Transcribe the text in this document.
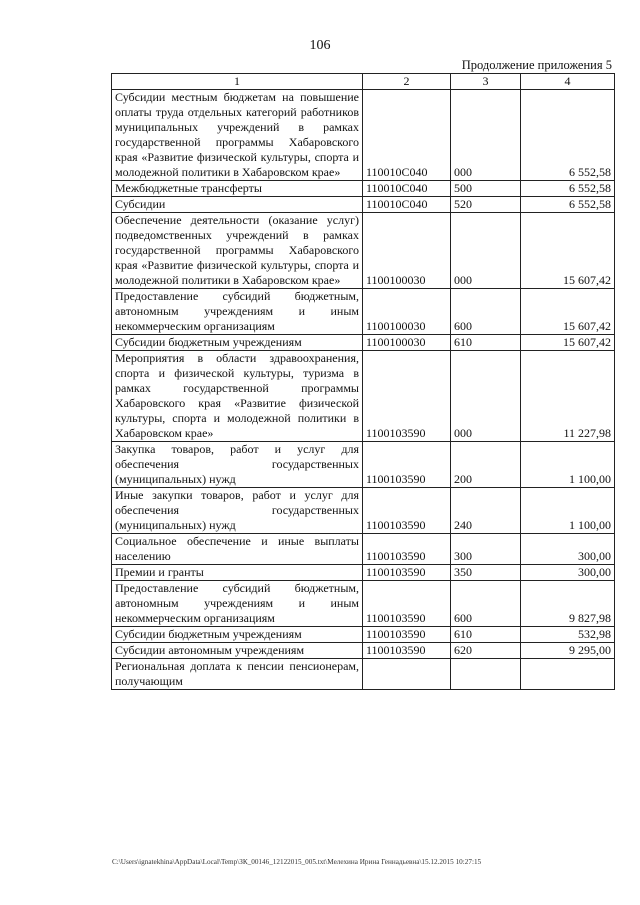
106
Продолжение приложения 5
1	2	3	4
Субсидии местным бюджетам на повышение оплаты труда отдельных категорий работников муниципальных учреждений в рамках государственной программы Хабаровского края «Развитие физической культуры, спорта и молодежной политики в Хабаровском крае»	110010С040	000	6 552,58
Межбюджетные трансферты	110010С040	500	6 552,58
Субсидии	110010С040	520	6 552,58
Обеспечение деятельности (оказание услуг) подведомственных учреждений в рамках государственной программы Хабаровского края «Развитие физической культуры, спорта и молодежной политики в Хабаровском крае»	1100100030	000	15 607,42
Предоставление субсидий бюджетным, автономным учреждениям и иным некоммерческим организациям	1100100030	600	15 607,42
Субсидии бюджетным учреждениям	1100100030	610	15 607,42
Мероприятия в области здравоохранения, спорта и физической культуры, туризма в рамках государственной программы Хабаровского края «Развитие физической культуры, спорта и молодежной политики в Хабаровском крае»	1100103590	000	11 227,98
Закупка товаров, работ и услуг для обеспечения государственных (муниципальных) нужд	1100103590	200	1 100,00
Иные закупки товаров, работ и услуг для обеспечения государственных (муниципальных) нужд	1100103590	240	1 100,00
Социальное обеспечение и иные выплаты населению	1100103590	300	300,00
Премии и гранты	1100103590	350	300,00
Предоставление субсидий бюджетным, автономным учреждениям и иным некоммерческим организациям	1100103590	600	9 827,98
Субсидии бюджетным учреждениям	1100103590	610	532,98
Субсидии автономным учреждениям	1100103590	620	9 295,00
Региональная доплата к пенсии пенсионерам, получающим			
C:\Users\ignatekhina\AppData\Local\Temp\ЗК_00146_12122015_005.txt\Мелехина Ирина Геннадьевна\15.12.2015 10:27:15
